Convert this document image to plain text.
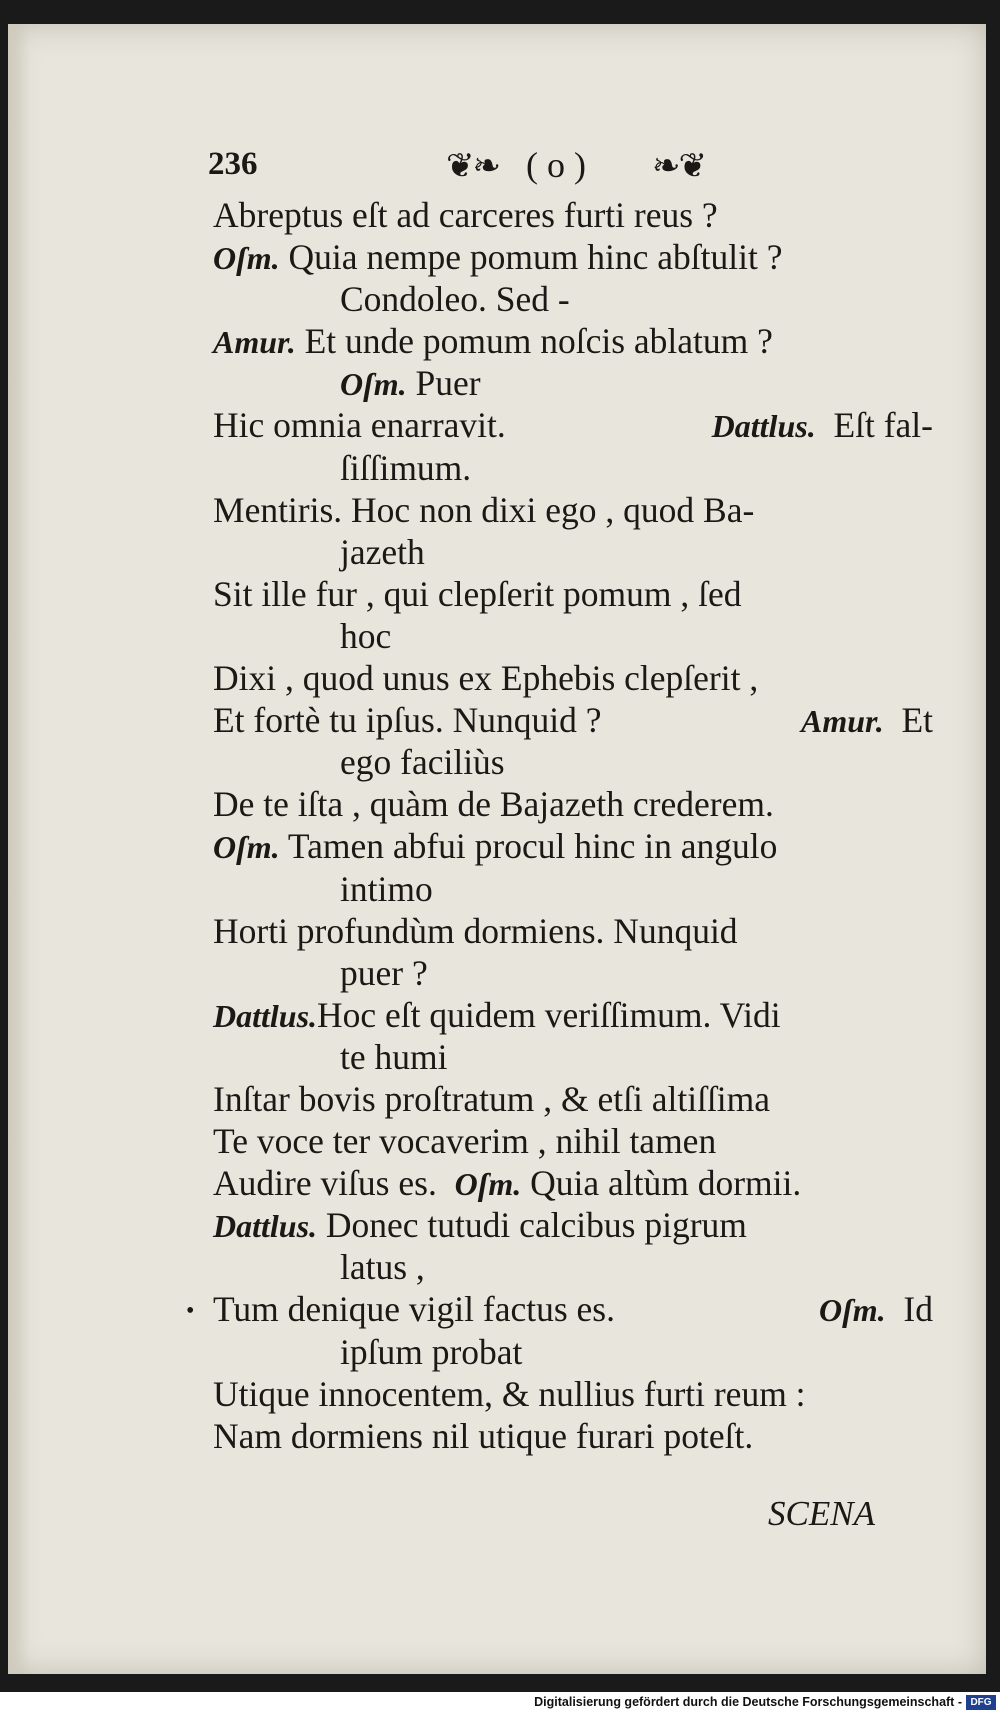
236	❦❧ ( o ) ❧❦
Abreptus eſt ad carceres furti reus ?
Oſm. Quia nempe pomum hinc abſtulit ?
Condoleo. Sed -
Amur. Et unde pomum noſcis ablatum ?
Oſm. Puer
Hic omnia enarravit.	Dattlus. Eſt fal-
ſiſſimum.
Mentiris. Hoc non dixi ego , quod Ba-
jazeth
Sit ille fur , qui clepſerit pomum , ſed
hoc
Dixi , quod unus ex Ephebis clepſerit ,
Et fortè tu ipſus. Nunquid ?	Amur. Et
ego faciliùs
De te iſta , quàm de Bajazeth crederem.
Oſm. Tamen abfui procul hinc in angulo
intimo
Horti profundùm dormiens. Nunquid
puer ?
Dattlus.Hoc eſt quidem veriſſimum. Vidi
te humi
Inſtar bovis proſtratum , & etſi altiſſima
Te voce ter vocaverim , nihil tamen
Audire viſus es. Oſm. Quia altùm dormii.
Dattlus. Donec tutudi calcibus pigrum
latus ,
• Tum denique vigil factus es.	Oſm. Id
ipſum probat
Utique innocentem, & nullius furti reum :
Nam dormiens nil utique furari poteſt.
SCENA
Digitalisierung gefördert durch die Deutsche Forschungsgemeinschaft - DFG
